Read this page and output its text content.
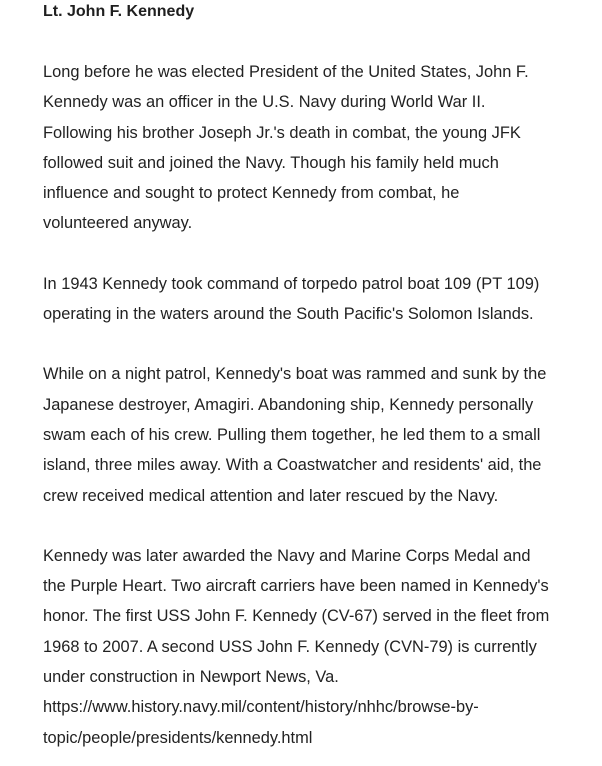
Lt. John F. Kennedy

Long before he was elected President of the United States, John F.
Kennedy was an officer in the U.S. Navy during World War II.
Following his brother Joseph Jr.'s death in combat, the young JFK
followed suit and joined the Navy. Though his family held much
influence and sought to protect Kennedy from combat, he
volunteered anyway.

In 1943 Kennedy took command of torpedo patrol boat 109 (PT 109)
operating in the waters around the South Pacific's Solomon Islands.

While on a night patrol, Kennedy's boat was rammed and sunk by the
Japanese destroyer, Amagiri. Abandoning ship, Kennedy personally
swam each of his crew. Pulling them together, he led them to a small
island, three miles away. With a Coastwatcher and residents' aid, the
crew received medical attention and later rescued by the Navy.

Kennedy was later awarded the Navy and Marine Corps Medal and
the Purple Heart. Two aircraft carriers have been named in Kennedy's
honor. The first USS John F. Kennedy (CV-67) served in the fleet from
1968 to 2007. A second USS John F. Kennedy (CVN-79) is currently
under construction in Newport News, Va.
https://www.history.navy.mil/content/history/nhhc/browse-by-
topic/people/presidents/kennedy.html
